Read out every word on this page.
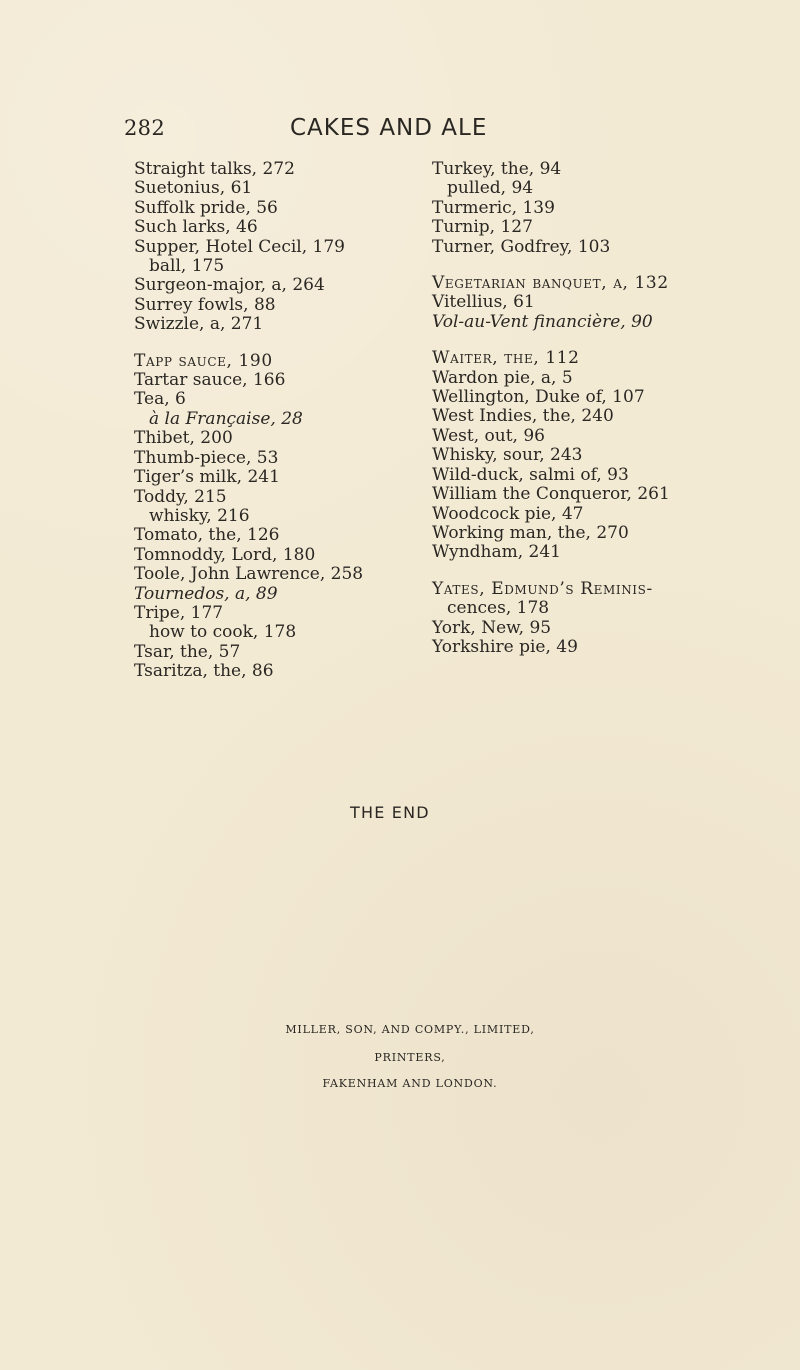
282	CAKES AND ALE
Straight talks, 272
Suetonius, 61
Suffolk pride, 56
Such larks, 46
Supper, Hotel Cecil, 179
ball, 175
Surgeon-major, a, 264
Surrey fowls, 88
Swizzle, a, 271
Tapp sauce, 190
Tartar sauce, 166
Tea, 6
à la Française, 28
Thibet, 200
Thumb-piece, 53
Tiger’s milk, 241
Toddy, 215
whisky, 216
Tomato, the, 126
Tomnoddy, Lord, 180
Toole, John Lawrence, 258
Tournedos, a, 89
Tripe, 177
how to cook, 178
Tsar, the, 57
Tsaritza, the, 86
Turkey, the, 94
pulled, 94
Turmeric, 139
Turnip, 127
Turner, Godfrey, 103
Vegetarian banquet, a, 132
Vitellius, 61
Vol-au-Vent financière, 90
Waiter, the, 112
Wardon pie, a, 5
Wellington, Duke of, 107
West Indies, the, 240
West, out, 96
Whisky, sour, 243
Wild-duck, salmi of, 93
William the Conqueror, 261
Woodcock pie, 47
Working man, the, 270
Wyndham, 241
Yates, Edmund’s Reminis-
cences, 178
York, New, 95
Yorkshire pie, 49
THE END
MILLER, SON, AND COMPY., LIMITED,
PRINTERS,
FAKENHAM AND LONDON.
